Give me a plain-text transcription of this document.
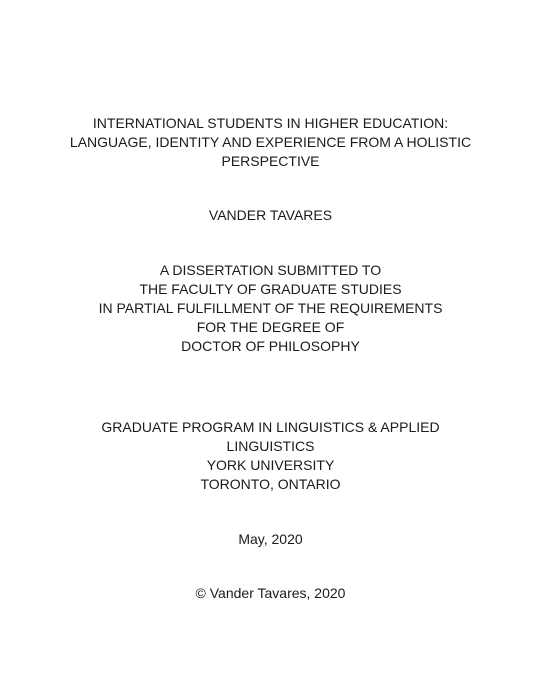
INTERNATIONAL STUDENTS IN HIGHER EDUCATION:
LANGUAGE, IDENTITY AND EXPERIENCE FROM A HOLISTIC
PERSPECTIVE
VANDER TAVARES
A DISSERTATION SUBMITTED TO
THE FACULTY OF GRADUATE STUDIES
IN PARTIAL FULFILLMENT OF THE REQUIREMENTS
FOR THE DEGREE OF
DOCTOR OF PHILOSOPHY
GRADUATE PROGRAM IN LINGUISTICS & APPLIED
LINGUISTICS
YORK UNIVERSITY
TORONTO, ONTARIO
May, 2020
© Vander Tavares, 2020
